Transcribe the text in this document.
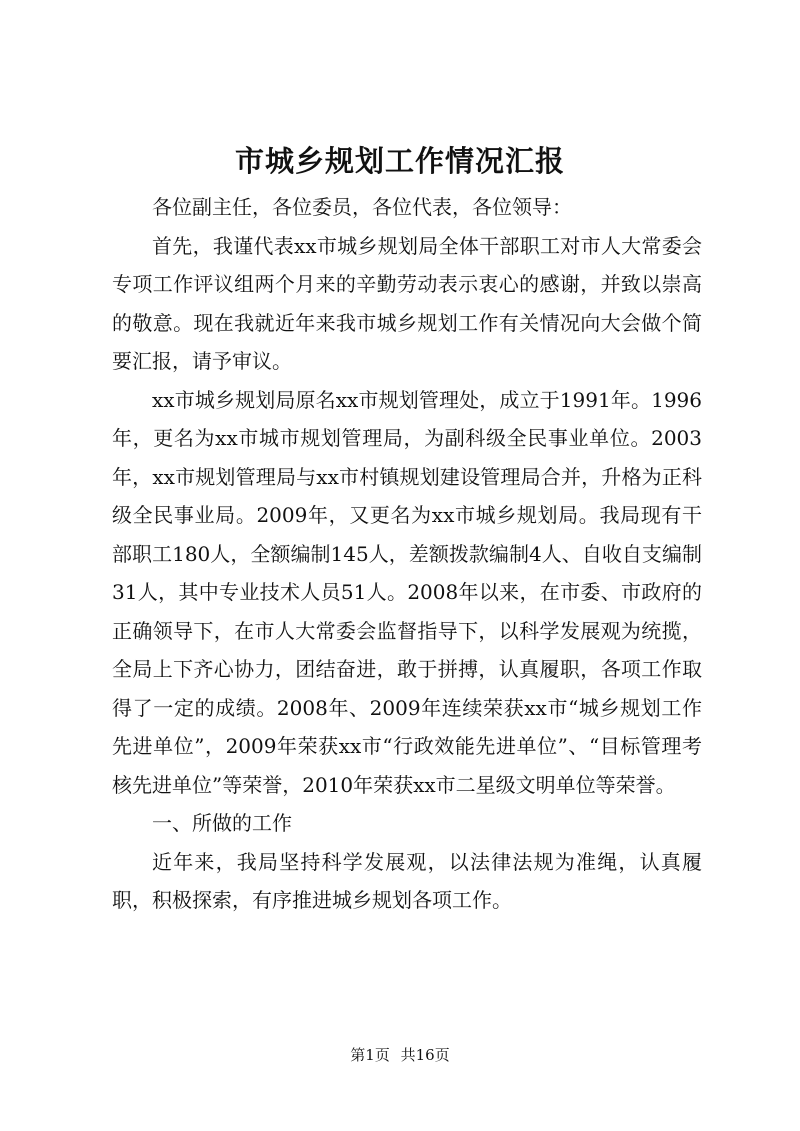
市城乡规划工作情况汇报

各位副主任，各位委员，各位代表，各位领导：

首先，我谨代表xx市城乡规划局全体干部职工对市人大常委会专项工作评议组两个月来的辛勤劳动表示衷心的感谢，并致以崇高的敬意。现在我就近年来我市城乡规划工作有关情况向大会做个简要汇报，请予审议。

xx市城乡规划局原名xx市规划管理处，成立于1991年。1996年，更名为xx市城市规划管理局，为副科级全民事业单位。2003年，xx市规划管理局与xx市村镇规划建设管理局合并，升格为正科级全民事业局。2009年，又更名为xx市城乡规划局。我局现有干部职工180人，全额编制145人，差额拨款编制4人、自收自支编制31人，其中专业技术人员51人。2008年以来，在市委、市政府的正确领导下，在市人大常委会监督指导下，以科学发展观为统揽，全局上下齐心协力，团结奋进，敢于拼搏，认真履职，各项工作取得了一定的成绩。2008年、2009年连续荣获xx市“城乡规划工作先进单位”，2009年荣获xx市“行政效能先进单位”、“目标管理考核先进单位”等荣誉，2010年荣获xx市二星级文明单位等荣誉。

一、所做的工作

近年来，我局坚持科学发展观，以法律法规为准绳，认真履职，积极探索，有序推进城乡规划各项工作。

第1页 共16页
